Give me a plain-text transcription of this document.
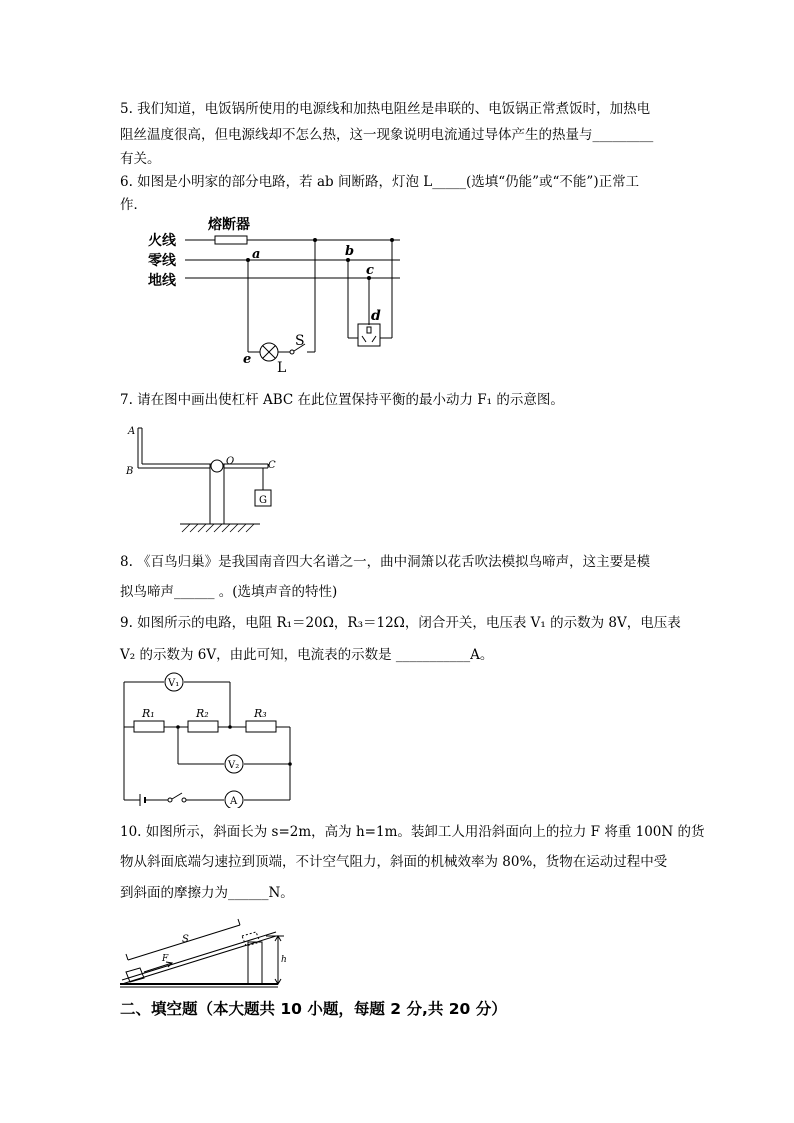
5. 我们知道，电饭锅所使用的电源线和加热电阻丝是串联的、电饭锅正常煮饭时，加热电
阻丝温度很高，但电源线却不怎么热，这一现象说明电流通过导体产生的热量与_________
有关。
6. 如图是小明家的部分电路，若 ab 间断路，灯泡 L_____(选填“仍能”或“不能”)正常工
作．
熔断器
火线
零线
地线
a	b
c
d
e
S
L
7. 请在图中画出使杠杆 ABC 在此位置保持平衡的最小动力 F₁ 的示意图。
A
B
O	C
G
8. 《百鸟归巢》是我国南音四大名谱之一，曲中洞箫以花舌吹法模拟鸟啼声，这主要是模
拟鸟啼声______ 。(选填声音的特性)
9. 如图所示的电路，电阻 R₁＝20Ω，R₃＝12Ω，闭合开关，电压表 V₁ 的示数为 8V，电压表
V₂ 的示数为 6V，由此可知，电流表的示数是 ___________A。
V₁
V₂
A
R₁	R₂	R₃
10. 如图所示，斜面长为 s=2m，高为 h=1m。装卸工人用沿斜面向上的拉力 F 将重 100N 的货
物从斜面底端匀速拉到顶端，不计空气阻力，斜面的机械效率为 80%，货物在运动过程中受
到斜面的摩擦力为______N。
S
h
F
二、填空题（本大题共 10 小题，每题 2 分,共 20 分）
